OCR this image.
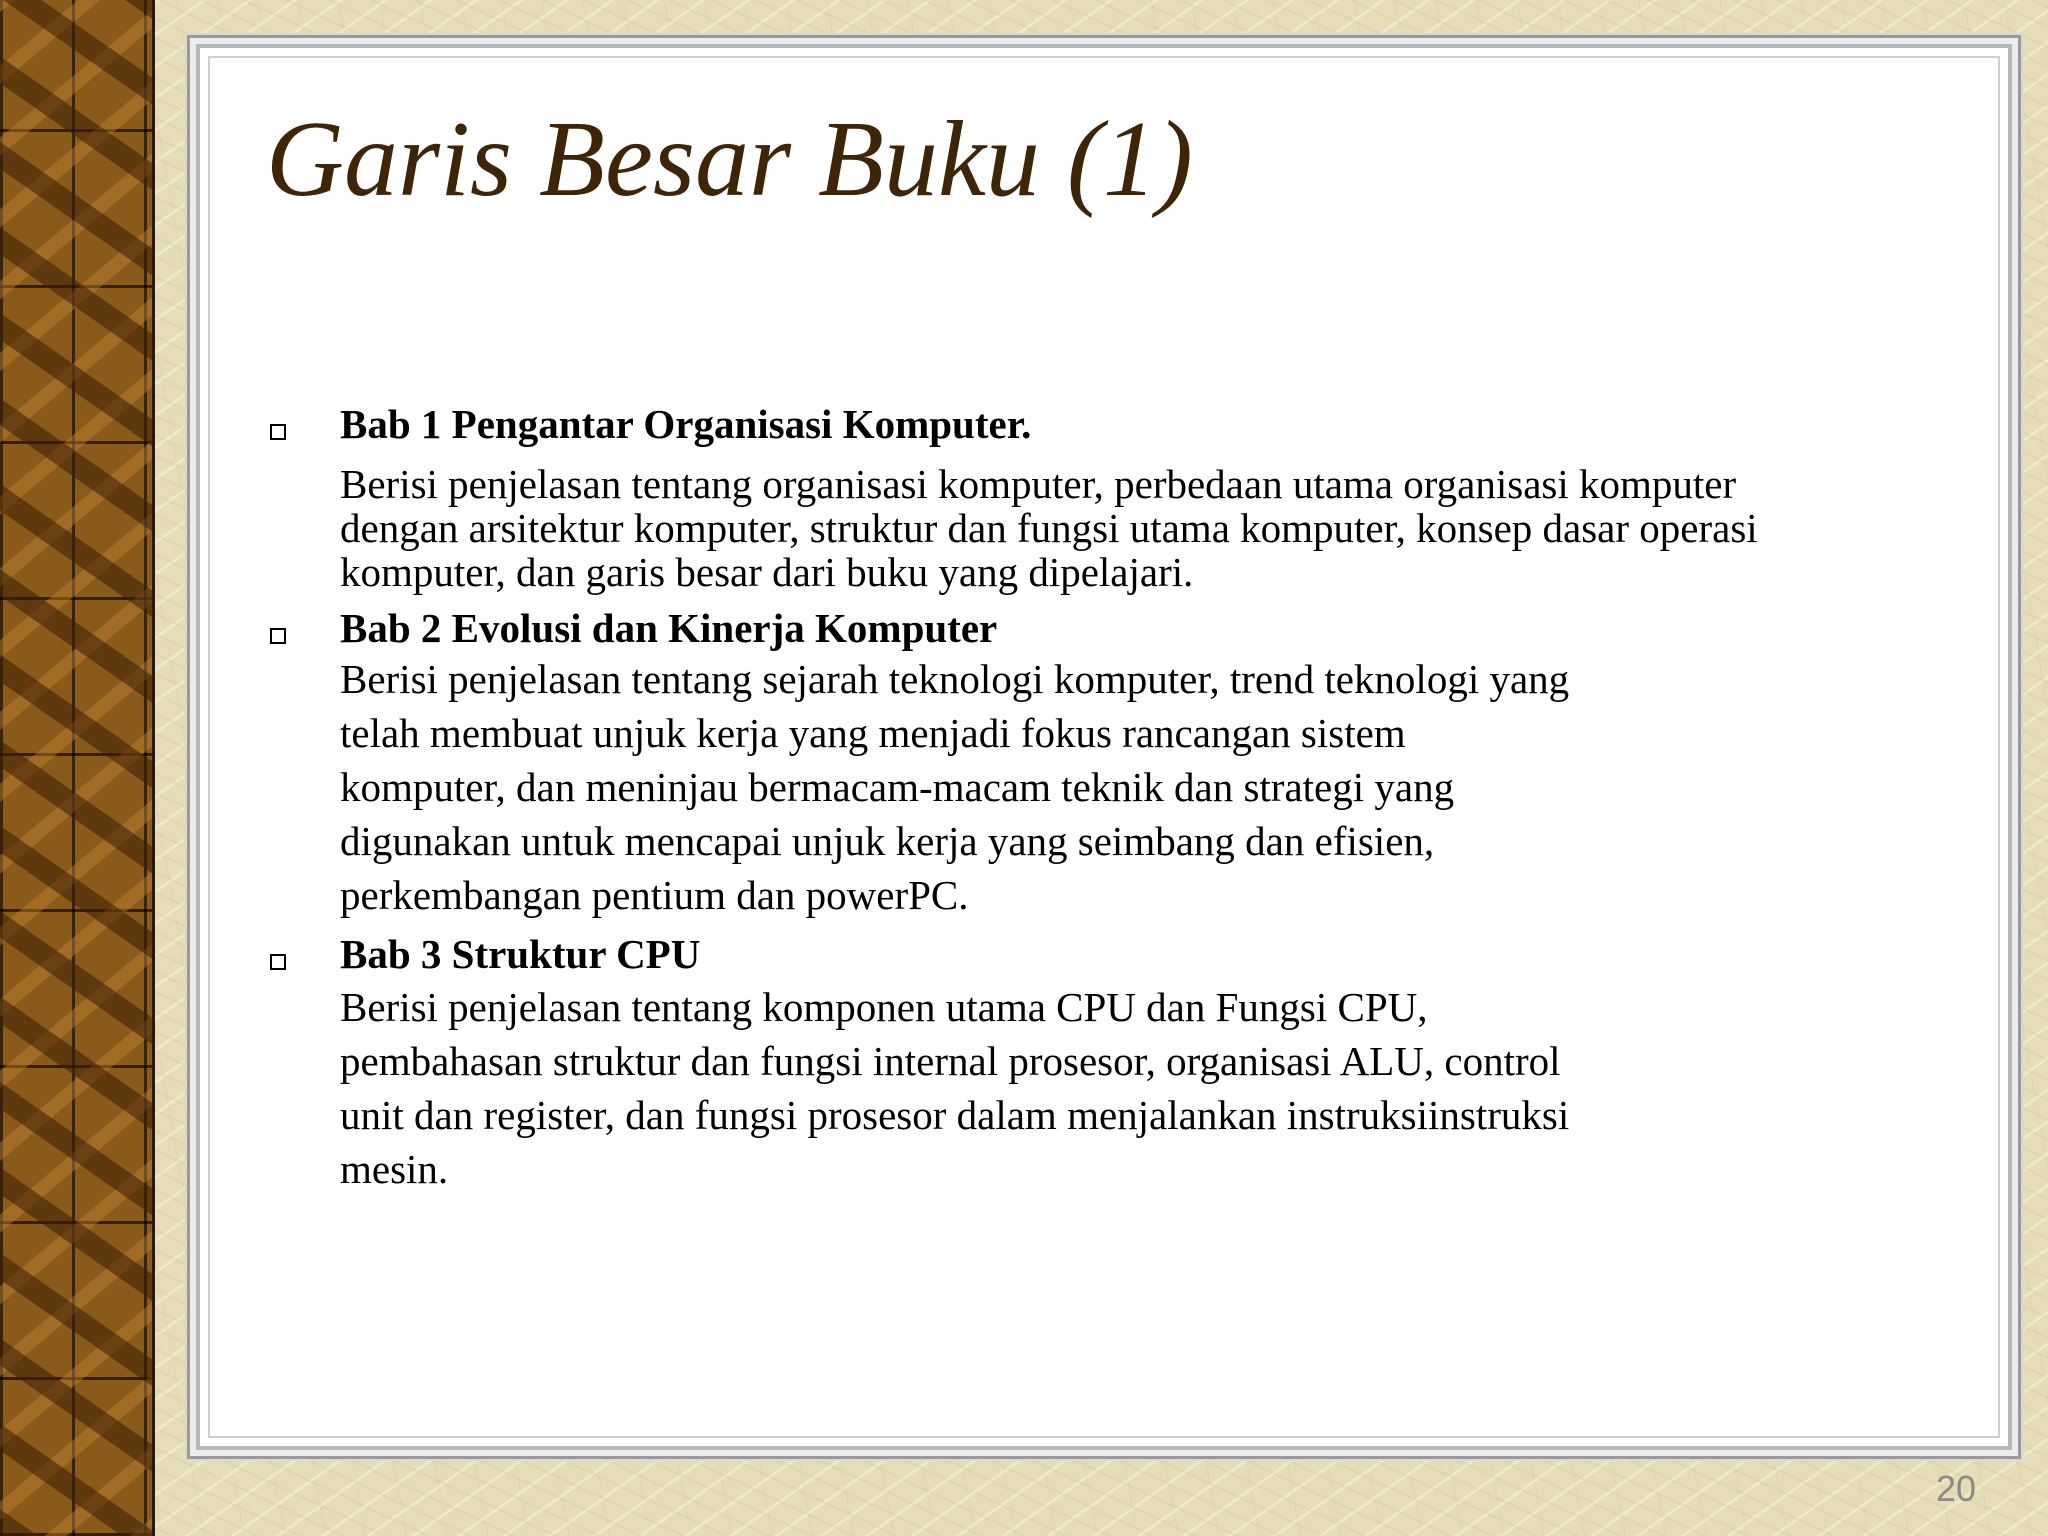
Garis Besar Buku (1)
Bab 1 Pengantar Organisasi Komputer.
Berisi penjelasan tentang organisasi komputer, perbedaan utama organisasi komputer
dengan arsitektur komputer, struktur dan fungsi utama komputer, konsep dasar operasi
komputer, dan garis besar dari buku yang dipelajari.
Bab 2 Evolusi dan Kinerja Komputer
Berisi penjelasan tentang sejarah teknologi komputer, trend teknologi yang
telah membuat unjuk kerja yang menjadi fokus rancangan sistem
komputer, dan meninjau bermacam-macam teknik dan strategi yang
digunakan untuk mencapai unjuk kerja yang seimbang dan efisien,
perkembangan pentium dan powerPC.
Bab 3 Struktur CPU
Berisi penjelasan tentang komponen utama CPU dan Fungsi CPU,
pembahasan struktur dan fungsi internal prosesor, organisasi ALU, control
unit dan register, dan fungsi prosesor dalam menjalankan instruksiinstruksi
mesin.
20
